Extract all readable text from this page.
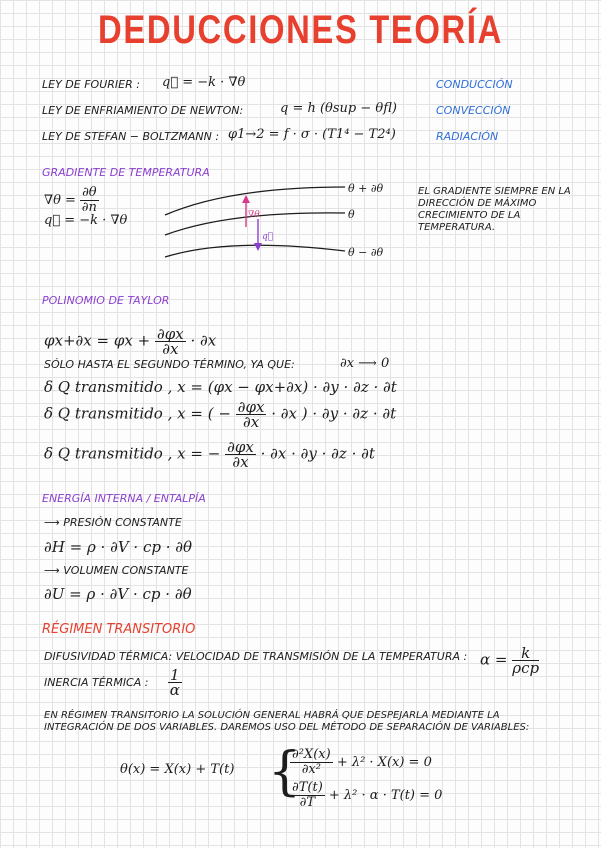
DEDUCCIONES TEORÍA
LEY DE FOURIER : q⃗ = −k · ∇θ	CONDUCCIÓN
LEY DE ENFRIAMIENTO DE NEWTON:	q = h (θsup − θfl)	CONVECCIÓN
LEY DE STEFAN − BOLTZMANN : φ1→2 = f · σ · (T1⁴ − T2⁴)	RADIACIÓN
GRADIENTE DE TEMPERATURA
$\nabla\theta = \frac{\partial\theta}{\partial n}$
q⃗ = −k · ∇θ	∇θ
q⃗
θ + ∂θ
θ
θ − ∂θ
EL GRADIENTE SIEMPRE EN LA DIRECCIÓN DE MÁXIMO CRECIMIENTO DE LA TEMPERATURA.
POLINOMIO DE TAYLOR
$\varphi x+\partial x = \varphi x + \frac{\partial\varphi x}{\partial x} \cdot \partial x$
SÓLO HASTA EL SEGUNDO TÉRMINO, YA QUE:	∂x ⟶ 0
δ Q transmitido , x = (φx − φx+∂x) · ∂y · ∂z · ∂t
δ Q transmitido , x = ( − $\frac{\partial\varphi x}{\partial x} \cdot \partial x$ ) · ∂y · ∂z · ∂t
δ Q transmitido , x = − $\frac{\partial\varphi x}{\partial x} \cdot \partial x \cdot \partial y \cdot \partial z \cdot \partial t$
ENERGÍA INTERNA / ENTALPÍA
⟶ PRESIÓN CONSTANTE
∂H = ρ · ∂V · cp · ∂θ
⟶ VOLUMEN CONSTANTE
∂U = ρ · ∂V · cp · ∂θ
RÉGIMEN TRANSITORIO
DIFUSIVIDAD TÉRMICA: VELOCIDAD DE TRANSMISIÓN DE LA TEMPERATURA : $\alpha = \frac{k}{\text{ρcp}}$
INERCIA TÉRMICA : $\frac{1}{\alpha}$
EN RÉGIMEN TRANSITORIO LA SOLUCIÓN GENERAL HABRÁ QUE DESPEJARLA MEDIANTE LA INTEGRACIÓN DE DOS VARIABLES. DAREMOS USO DEL MÉTODO DE SEPARACIÓN DE VARIABLES:
θ(x) = X(x) + T(t) {
$\frac{\text{∂²X(x)}}{\text{∂x²}} + \lambda^2 \cdot X(x) = 0$
$\frac{\partial T(t)}{\partial T} + \lambda^2 \cdot \alpha \cdot T(t) = 0$
